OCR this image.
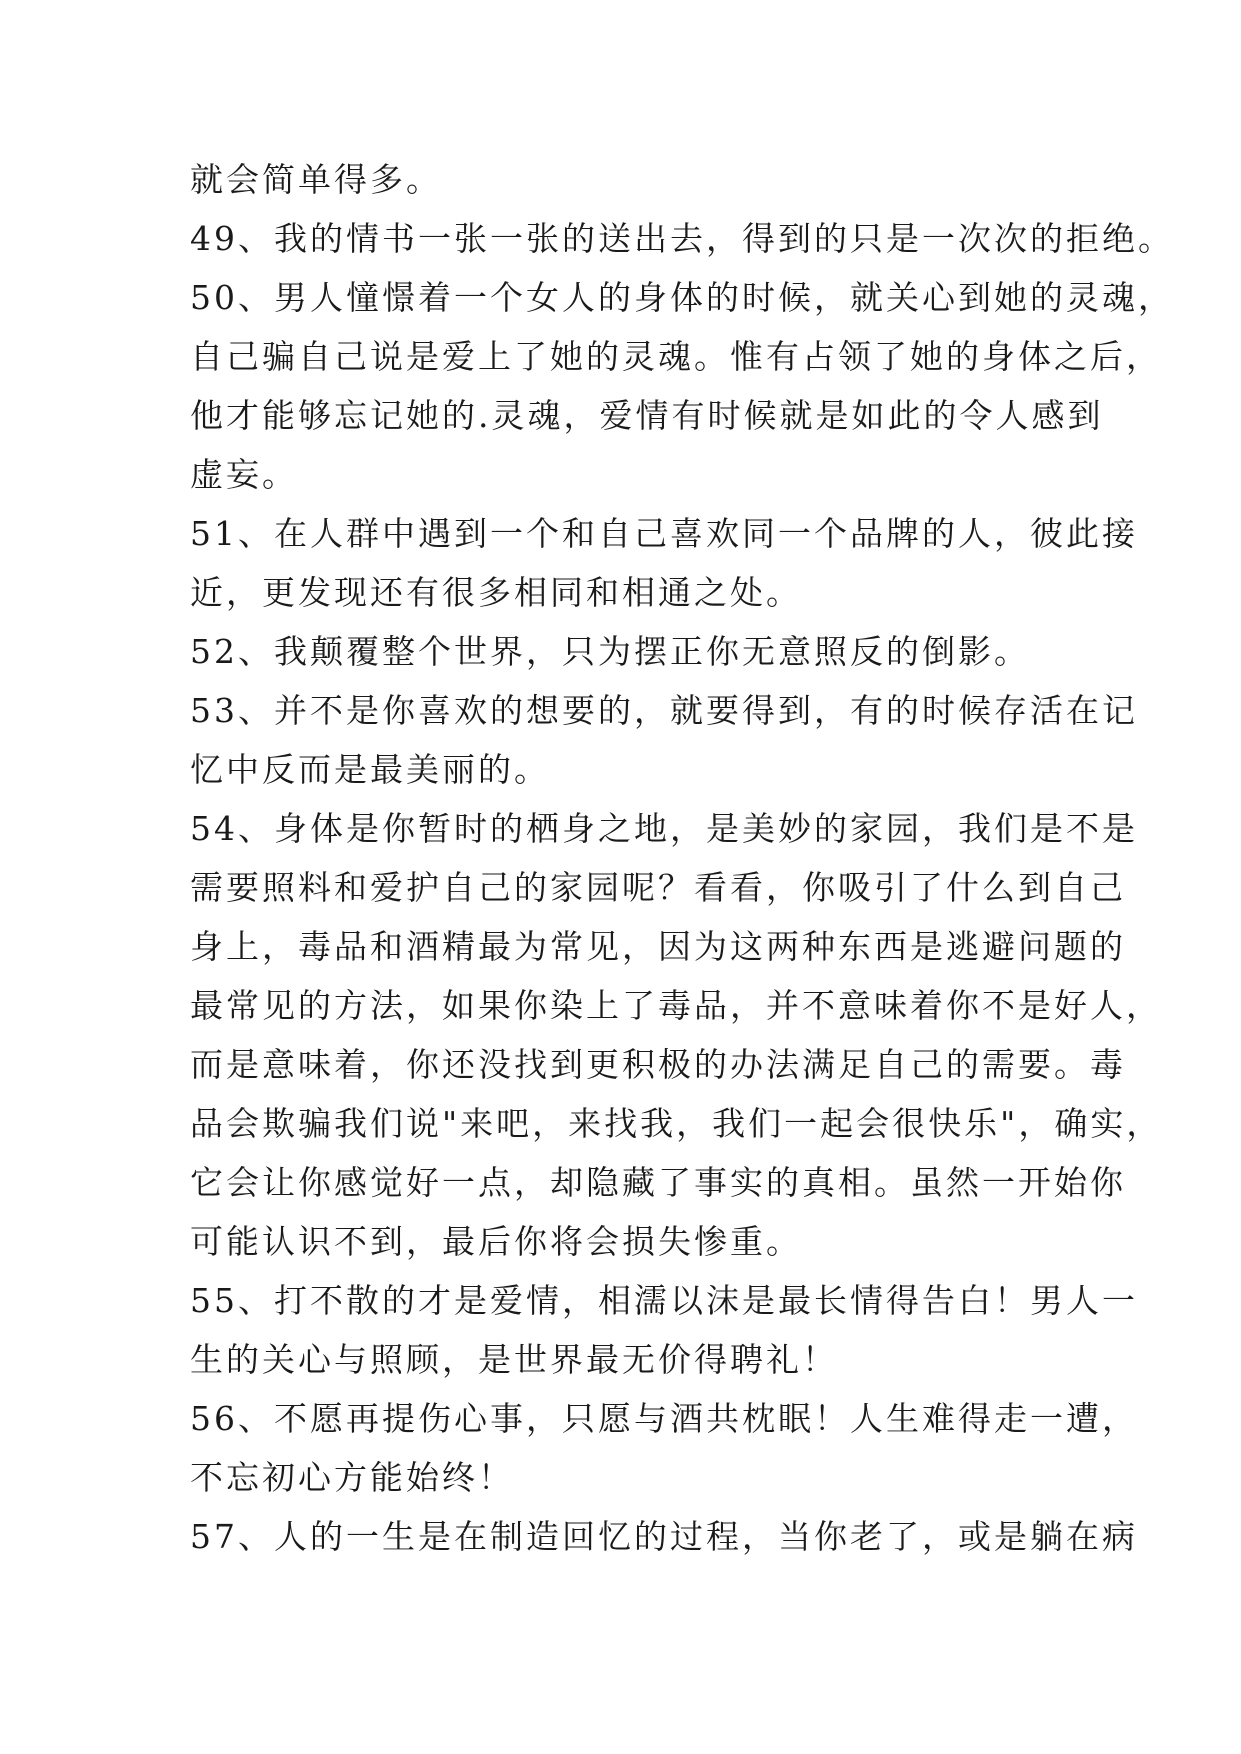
就会简单得多。
49、我的情书一张一张的送出去，得到的只是一次次的拒绝。
50、男人憧憬着一个女人的身体的时候，就关心到她的灵魂，
自己骗自己说是爱上了她的灵魂。惟有占领了她的身体之后，
他才能够忘记她的.灵魂，爱情有时候就是如此的令人感到
虚妄。
51、在人群中遇到一个和自己喜欢同一个品牌的人，彼此接
近，更发现还有很多相同和相通之处。
52、我颠覆整个世界，只为摆正你无意照反的倒影。
53、并不是你喜欢的想要的，就要得到，有的时候存活在记
忆中反而是最美丽的。
54、身体是你暂时的栖身之地，是美妙的家园，我们是不是
需要照料和爱护自己的家园呢？看看，你吸引了什么到自己
身上，毒品和酒精最为常见，因为这两种东西是逃避问题的
最常见的方法，如果你染上了毒品，并不意味着你不是好人，
而是意味着，你还没找到更积极的办法满足自己的需要。毒
品会欺骗我们说"来吧，来找我，我们一起会很快乐"，确实，
它会让你感觉好一点，却隐藏了事实的真相。虽然一开始你
可能认识不到，最后你将会损失惨重。
55、打不散的才是爱情，相濡以沫是最长情得告白！男人一
生的关心与照顾，是世界最无价得聘礼！
56、不愿再提伤心事，只愿与酒共枕眠！人生难得走一遭，
不忘初心方能始终！
57、人的一生是在制造回忆的过程，当你老了，或是躺在病
